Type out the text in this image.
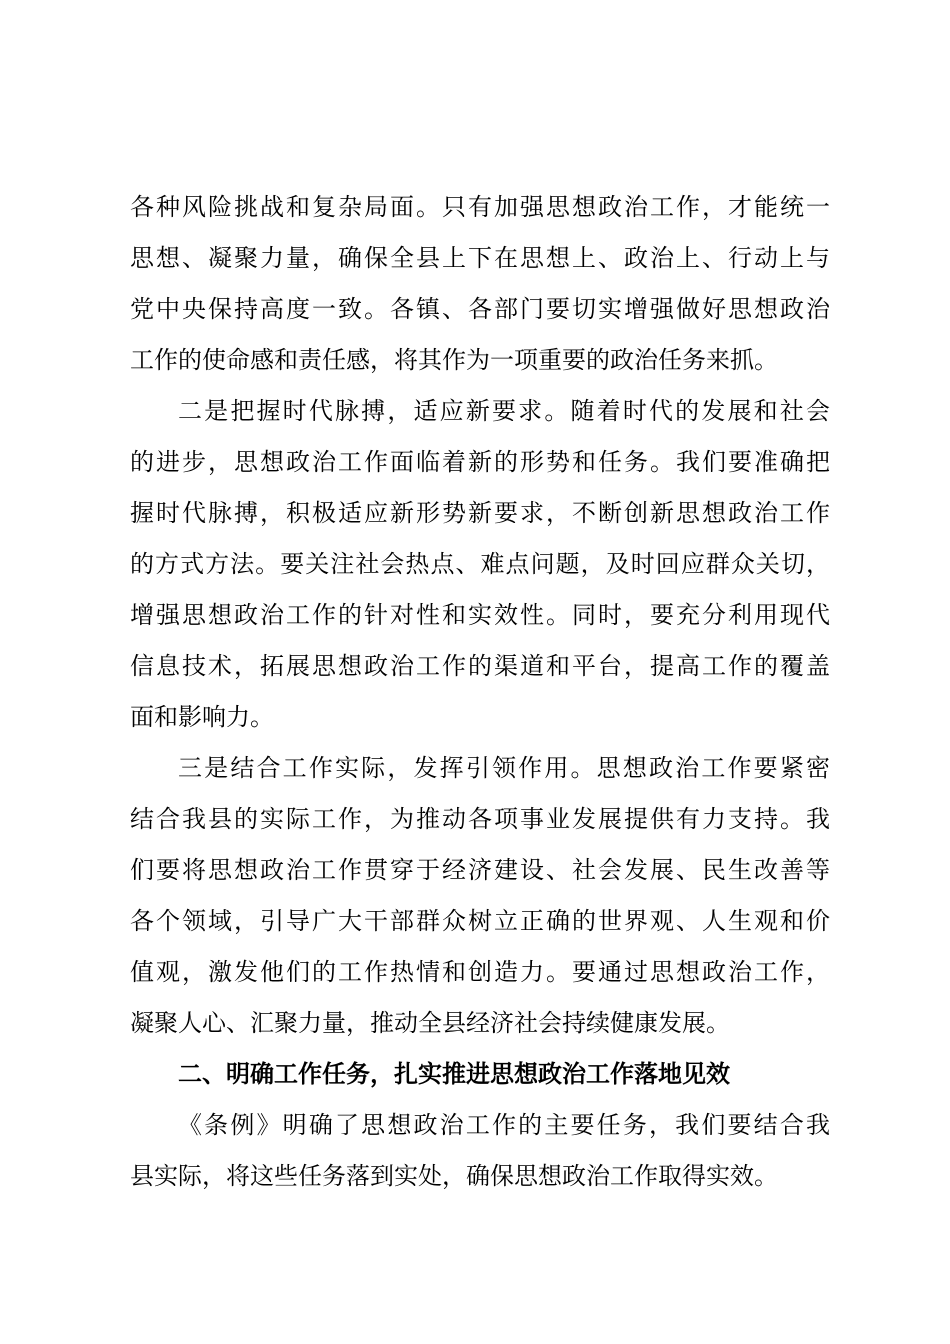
各种风险挑战和复杂局面。只有加强思想政治工作，才能统一
思想、凝聚力量，确保全县上下在思想上、政治上、行动上与
党中央保持高度一致。各镇、各部门要切实增强做好思想政治
工作的使命感和责任感，将其作为一项重要的政治任务来抓。
二是把握时代脉搏，适应新要求。随着时代的发展和社会
的进步，思想政治工作面临着新的形势和任务。我们要准确把
握时代脉搏，积极适应新形势新要求，不断创新思想政治工作
的方式方法。要关注社会热点、难点问题，及时回应群众关切，
增强思想政治工作的针对性和实效性。同时，要充分利用现代
信息技术，拓展思想政治工作的渠道和平台，提高工作的覆盖
面和影响力。
三是结合工作实际，发挥引领作用。思想政治工作要紧密
结合我县的实际工作，为推动各项事业发展提供有力支持。我
们要将思想政治工作贯穿于经济建设、社会发展、民生改善等
各个领域，引导广大干部群众树立正确的世界观、人生观和价
值观，激发他们的工作热情和创造力。要通过思想政治工作，
凝聚人心、汇聚力量，推动全县经济社会持续健康发展。
二、明确工作任务，扎实推进思想政治工作落地见效
《条例》明确了思想政治工作的主要任务，我们要结合我
县实际，将这些任务落到实处，确保思想政治工作取得实效。
